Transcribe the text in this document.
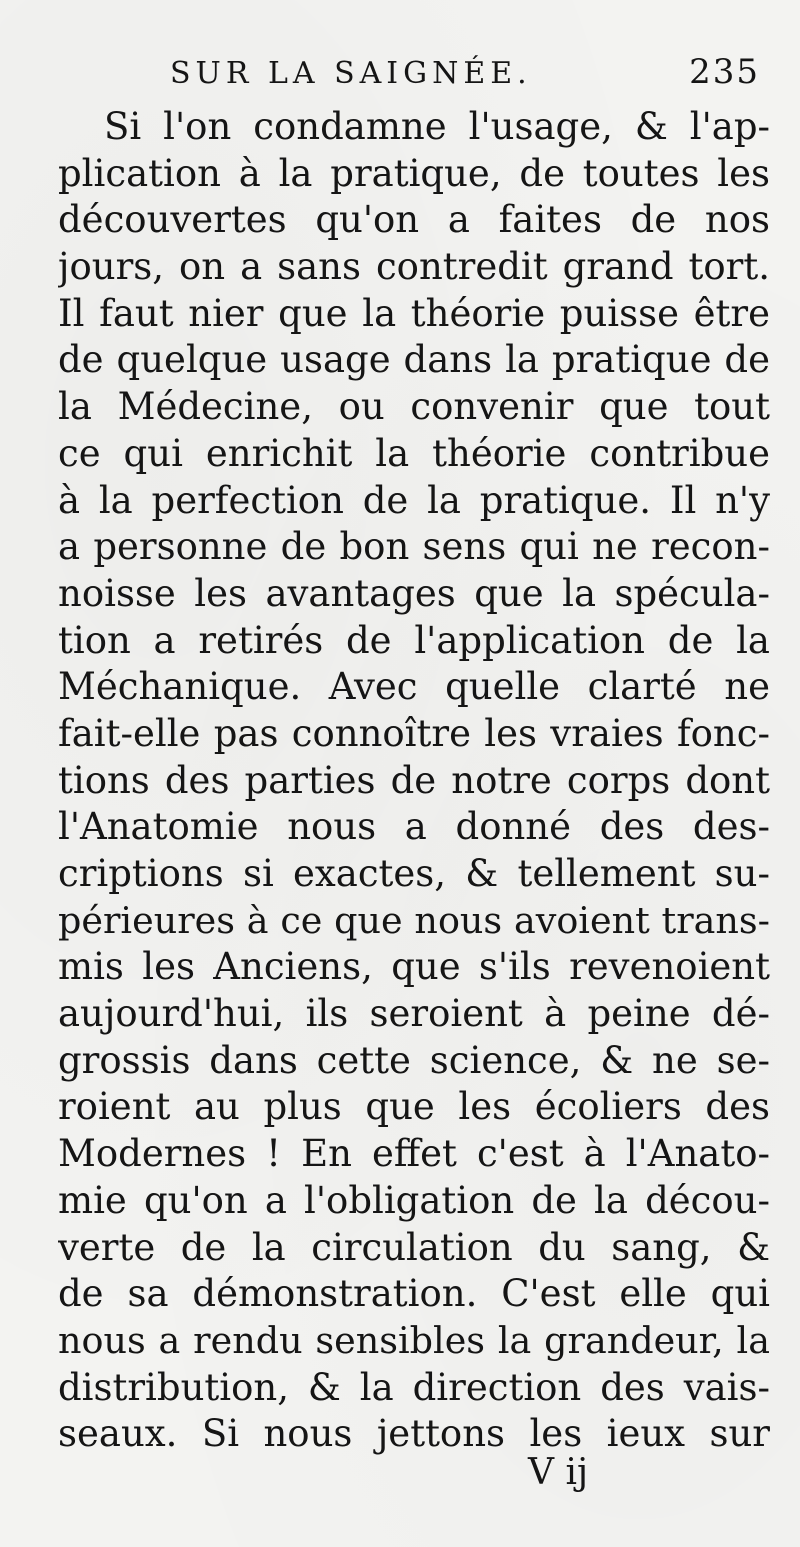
SUR LA SAIGNÉE.	235
Si l'on condamne l'usage, & l'ap-
plication à la pratique, de toutes les
découvertes qu'on a faites de nos
jours, on a sans contredit grand tort.
Il faut nier que la théorie puisse être
de quelque usage dans la pratique de
la Médecine, ou convenir que tout
ce qui enrichit la théorie contribue
à la perfection de la pratique. Il n'y
a personne de bon sens qui ne recon-
noisse les avantages que la spécula-
tion a retirés de l'application de la
Méchanique. Avec quelle clarté ne
fait-elle pas connoître les vraies fonc-
tions des parties de notre corps dont
l'Anatomie nous a donné des des-
criptions si exactes, & tellement su-
périeures à ce que nous avoient trans-
mis les Anciens, que s'ils revenoient
aujourd'hui, ils seroient à peine dé-
grossis dans cette science, & ne se-
roient au plus que les écoliers des
Modernes ! En effet c'est à l'Anato-
mie qu'on a l'obligation de la décou-
verte de la circulation du sang, &
de sa démonstration. C'est elle qui
nous a rendu sensibles la grandeur, la
distribution, & la direction des vais-
seaux. Si nous jettons les ieux sur
V ij
